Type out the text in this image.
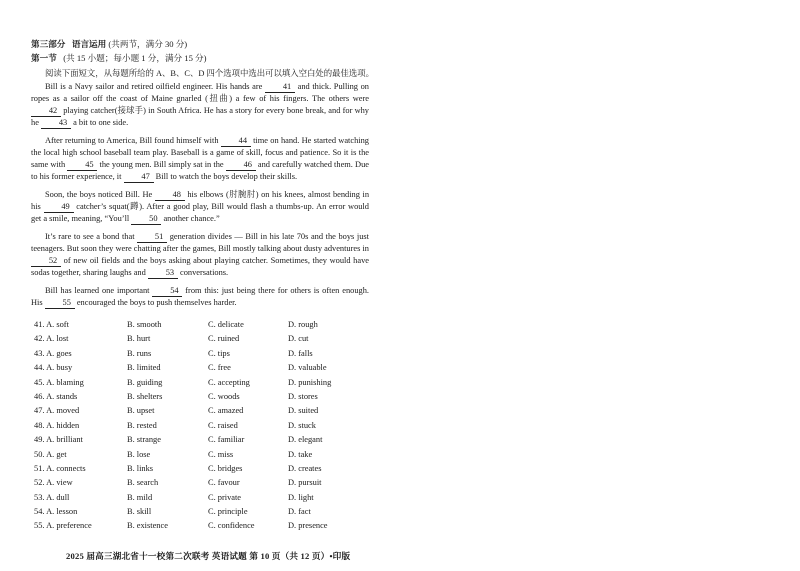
第三部分 语言运用 (共两节，满分 30 分)
第一节 (共 15 小题；每小题 1 分，满分 15 分)
阅读下面短文，从每题所给的 A、B、C、D 四个选项中选出可以填入空白处的最佳选项。

Bill is a Navy sailor and retired oilfield engineer. His hands are 41 and thick. Pulling on ropes as a sailor off the coast of Maine gnarled (扭曲) a few of his fingers. The others were 42 playing catcher(接球手) in South Africa. He has a story for every bone break, and for why he 43 a bit to one side.

After returning to America, Bill found himself with 44 time on hand. He started watching the local high school baseball team play. Baseball is a game of skill, focus and patience. So it is the same with 45 the young men. Bill simply sat in the 46 and carefully watched them. Due to his former experience, it 47 Bill to watch the boys develop their skills.

Soon, the boys noticed Bill. He 48 his elbows (肘腕肘) on his knees, almost bending in his 49 catcher’s squat(蹲). After a good play, Bill would flash a thumbs-up. An error would get a smile, meaning, “You’ll 50 another chance.”

It’s rare to see a bond that 51 generation divides — Bill in his late 70s and the boys just teenagers. But soon they were chatting after the games, Bill mostly talking about dusty adventures in 52 of new oil fields and the boys asking about playing catcher. Sometimes, they would have sodas together, sharing laughs and 53 conversations.

Bill has learned one important 54 from this: just being there for others is often enough. His 55 encouraged the boys to push themselves harder.

41. A. soft	B. smooth	C. delicate	D. rough
42. A. lost	B. hurt	C. ruined	D. cut
43. A. goes	B. runs	C. tips	D. falls
44. A. busy	B. limited	C. free	D. valuable
45. A. blaming	B. guiding	C. accepting	D. punishing
46. A. stands	B. shelters	C. woods	D. stores
47. A. moved	B. upset	C. amazed	D. suited
48. A. hidden	B. rested	C. raised	D. stuck
49. A. brilliant	B. strange	C. familiar	D. elegant
50. A. get	B. lose	C. miss	D. take
51. A. connects	B. links	C. bridges	D. creates
52. A. view	B. search	C. favour	D. pursuit
53. A. dull	B. mild	C. private	D. light
54. A. lesson	B. skill	C. principle	D. fact
55. A. preference	B. existence	C. confidence	D. presence
2025 届高三湖北省十一校第二次联考 英语试题 第 10 页（共 12 页）•印版
